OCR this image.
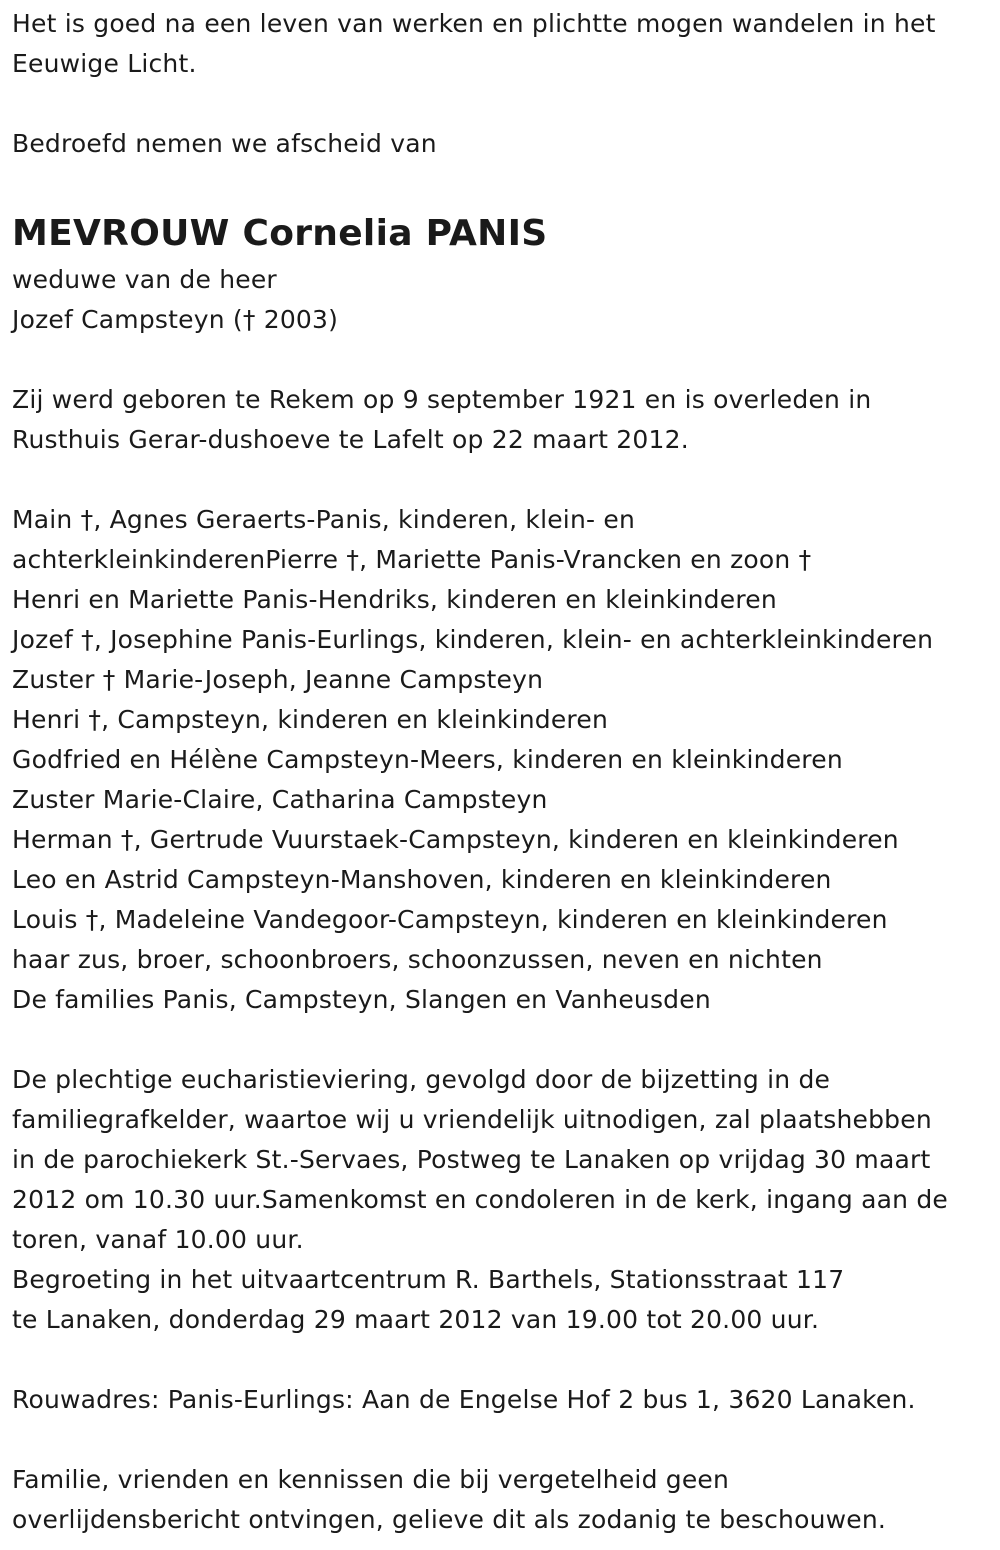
Het is goed na een leven van werken en plichtte mogen wandelen in het
Eeuwige Licht.
Bedroefd nemen we afscheid van
MEVROUW Cornelia PANIS
weduwe van de heer
Jozef Campsteyn († 2003)
Zij werd geboren te Rekem op 9 september 1921 en is overleden in
Rusthuis Gerar-dushoeve te Lafelt op 22 maart 2012.
Main †, Agnes Geraerts-Panis, kinderen, klein- en
achterkleinkinderenPierre †, Mariette Panis-Vrancken en zoon †
Henri en Mariette Panis-Hendriks, kinderen en kleinkinderen
Jozef †, Josephine Panis-Eurlings, kinderen, klein- en achterkleinkinderen
Zuster † Marie-Joseph, Jeanne Campsteyn
Henri †, Campsteyn, kinderen en kleinkinderen
Godfried en Hélène Campsteyn-Meers, kinderen en kleinkinderen
Zuster Marie-Claire, Catharina Campsteyn
Herman †, Gertrude Vuurstaek-Campsteyn, kinderen en kleinkinderen
Leo en Astrid Campsteyn-Manshoven, kinderen en kleinkinderen
Louis †, Madeleine Vandegoor-Campsteyn, kinderen en kleinkinderen
haar zus, broer, schoonbroers, schoonzussen, neven en nichten
De families Panis, Campsteyn, Slangen en Vanheusden
De plechtige eucharistieviering, gevolgd door de bijzetting in de
familiegrafkelder, waartoe wij u vriendelijk uitnodigen, zal plaatshebben
in de parochiekerk St.-Servaes, Postweg te Lanaken op vrijdag 30 maart
2012 om 10.30 uur.Samenkomst en condoleren in de kerk, ingang aan de
toren, vanaf 10.00 uur.
Begroeting in het uitvaartcentrum R. Barthels, Stationsstraat 117
te Lanaken, donderdag 29 maart 2012 van 19.00 tot 20.00 uur.
Rouwadres: Panis-Eurlings: Aan de Engelse Hof 2 bus 1, 3620 Lanaken.
Familie, vrienden en kennissen die bij vergetelheid geen
overlijdensbericht ontvingen, gelieve dit als zodanig te beschouwen.
